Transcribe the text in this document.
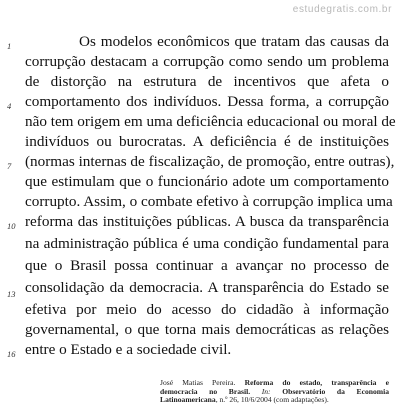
estudegratis.com.br
1
4
7
10
13
16
Os modelos econômicos que tratam das causas da
corrupção destacam a corrupção como sendo um problema
de distorção na estrutura de incentivos que afeta o
comportamento dos indivíduos. Dessa forma, a corrupção
não tem origem em uma deficiência educacional ou moral de
indivíduos ou burocratas. A deficiência é de instituições
(normas internas de fiscalização, de promoção, entre outras),
que estimulam que o funcionário adote um comportamento
corrupto. Assim, o combate efetivo à corrupção implica uma
reforma das instituições públicas. A busca da transparência
na administração pública é uma condição fundamental para
que o Brasil possa continuar a avançar no processo de
consolidação da democracia. A transparência do Estado se
efetiva por meio do acesso do cidadão à informação
governamental, o que torna mais democráticas as relações
entre o Estado e a sociedade civil.
José Matias Pereira. Reforma do estado, transparência e
democracia no Brasil. In: Observatório da Economia
Latinoamericana, n.º 26, 10/6/2004 (com adaptações).
